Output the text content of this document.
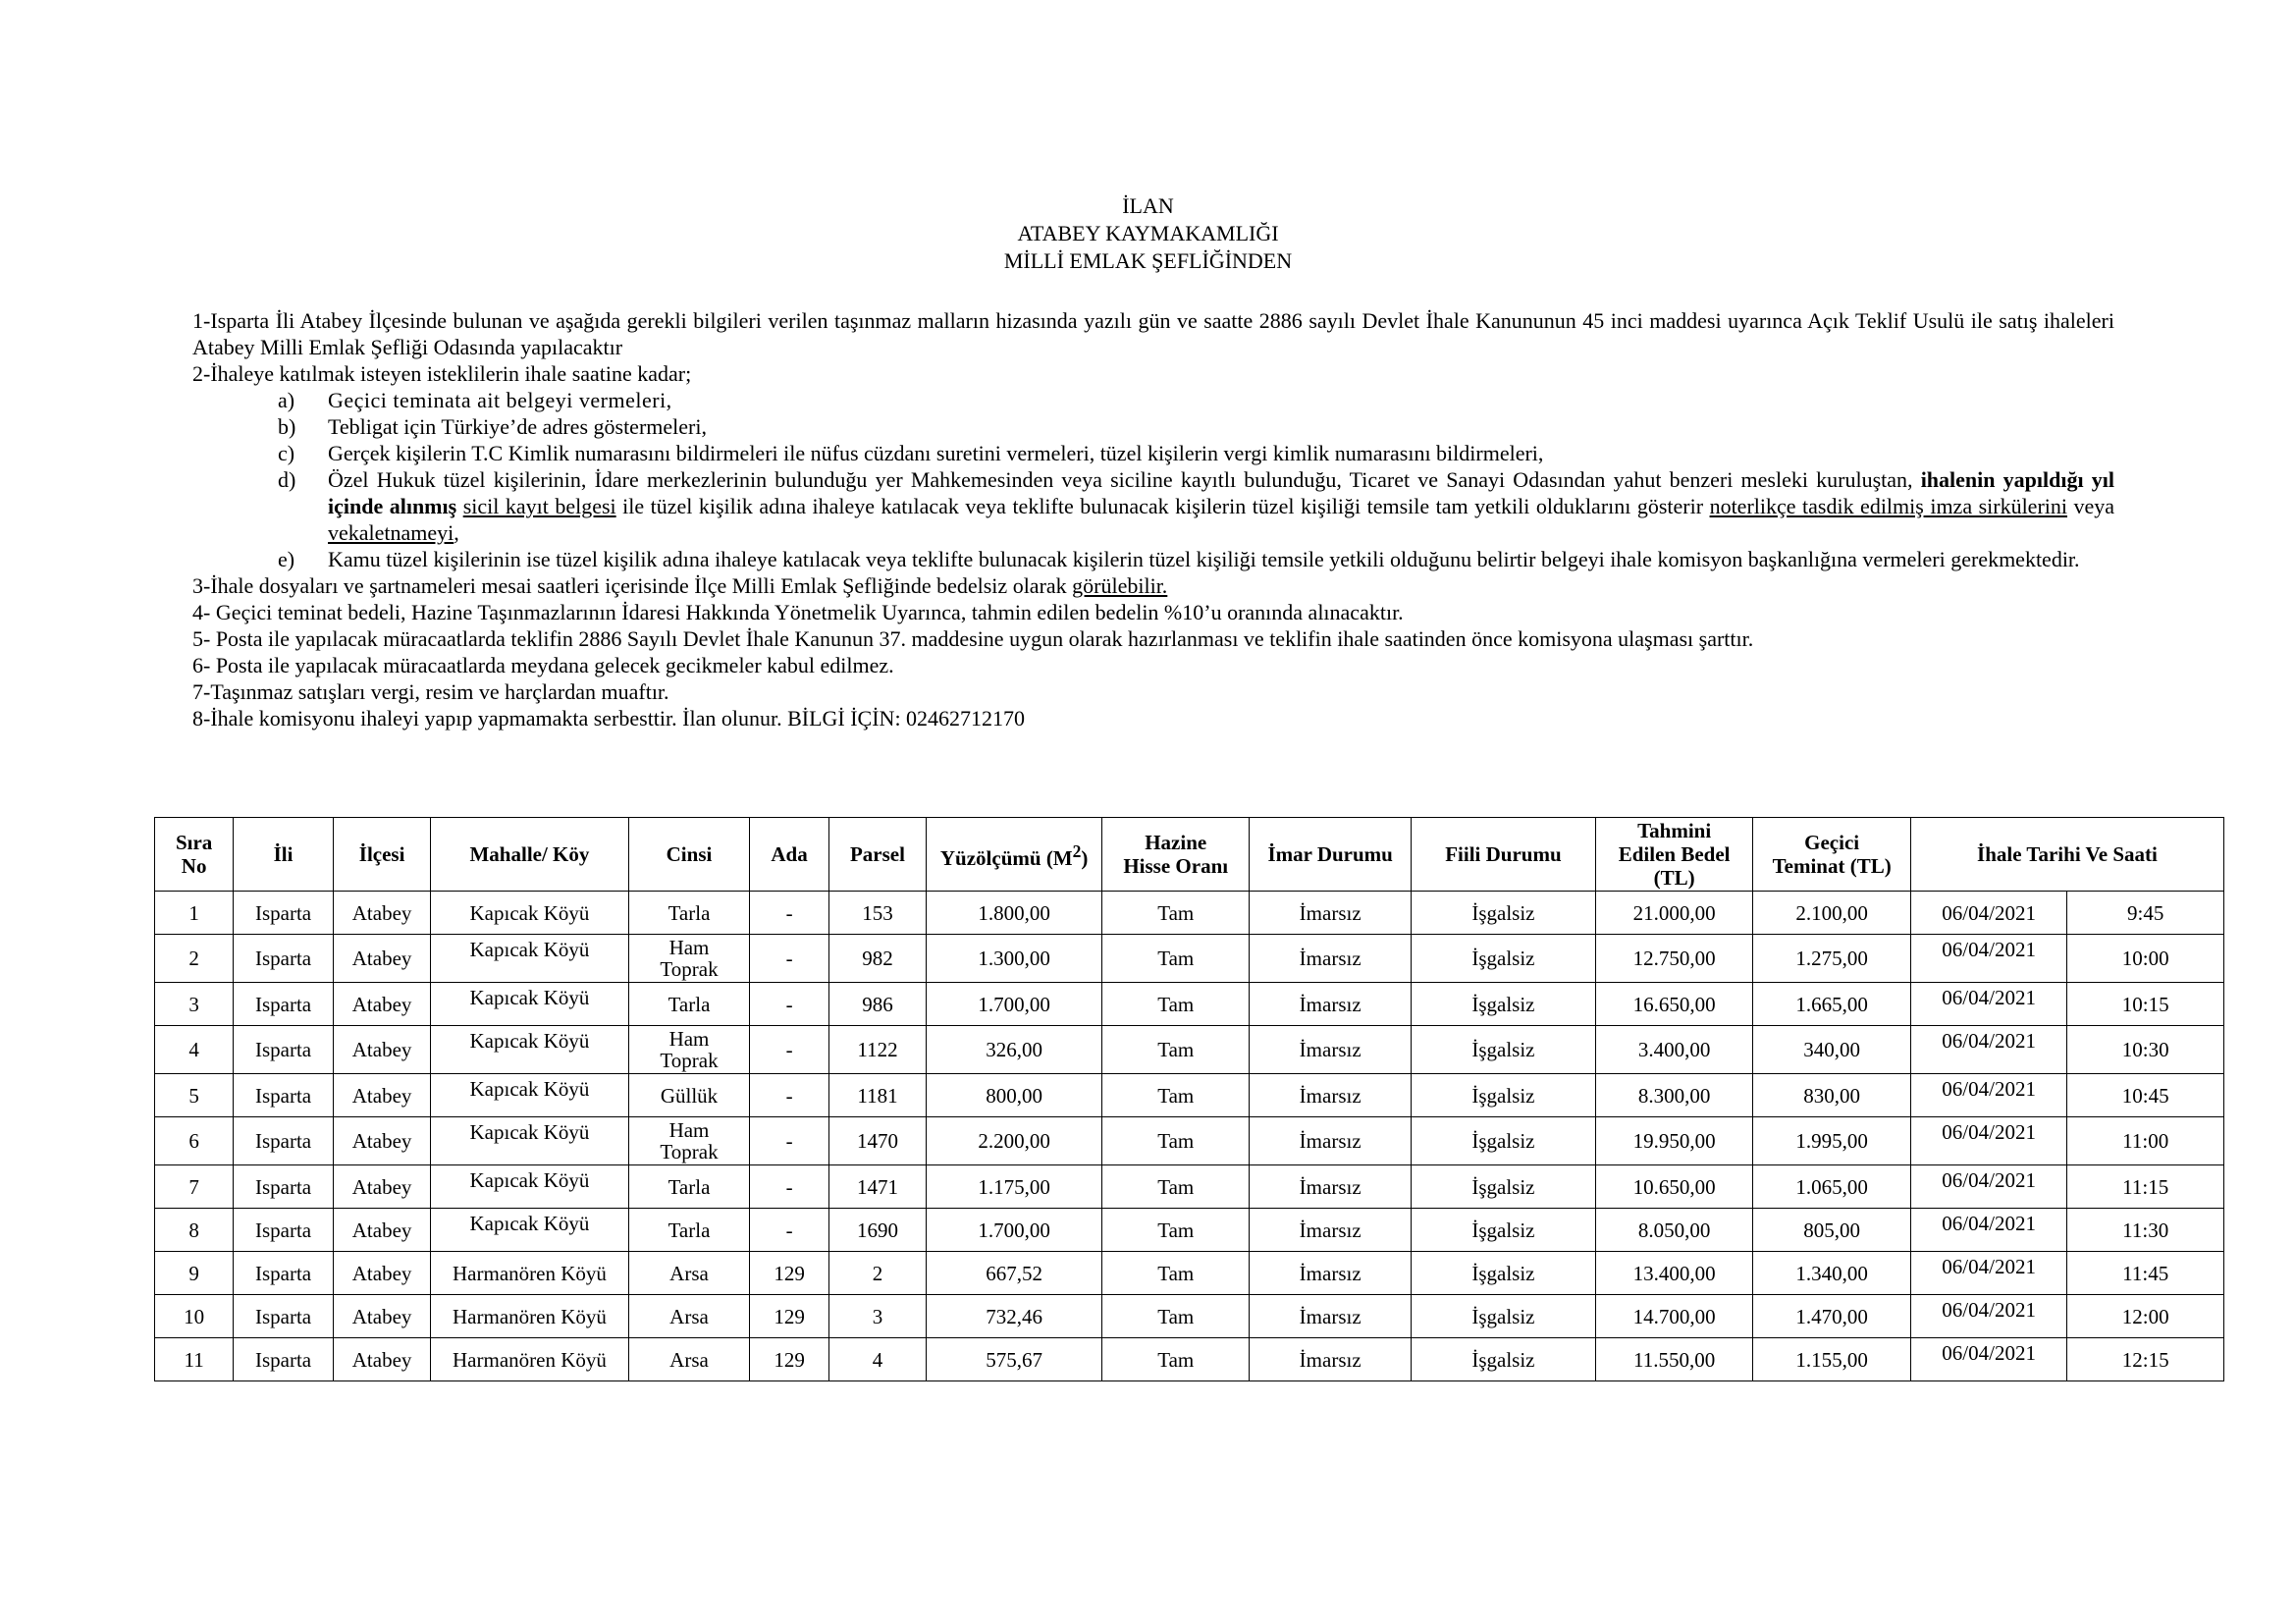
İLAN
ATABEY KAYMAKAMLIĞI
MİLLİ EMLAK ŞEFLİĞİNDEN

1-Isparta İli Atabey İlçesinde bulunan ve aşağıda gerekli bilgileri verilen taşınmaz malların hizasında yazılı gün ve saatte 2886 sayılı Devlet İhale Kanununun 45 inci maddesi uyarınca Açık Teklif Usulü ile satış ihaleleri Atabey Milli Emlak Şefliği Odasında yapılacaktır

2-İhaleye katılmak isteyen isteklilerin ihale saatine kadar;

a) Geçici teminata ait belgeyi vermeleri,
b) Tebligat için Türkiye’de adres göstermeleri,
c) Gerçek kişilerin T.C Kimlik numarasını bildirmeleri ile nüfus cüzdanı suretini vermeleri, tüzel kişilerin vergi kimlik numarasını bildirmeleri,
d) Özel Hukuk tüzel kişilerinin, İdare merkezlerinin bulunduğu yer Mahkemesinden veya siciline kayıtlı bulunduğu, Ticaret ve Sanayi Odasından yahut benzeri mesleki kuruluştan, ihalenin yapıldığı yıl içinde alınmış sicil kayıt belgesi ile tüzel kişilik adına ihaleye katılacak veya teklifte bulunacak kişilerin tüzel kişiliği temsile tam yetkili olduklarını gösterir noterlikçe tasdik edilmiş imza sirkülerini veya vekaletnameyi,
e) Kamu tüzel kişilerinin ise tüzel kişilik adına ihaleye katılacak veya teklifte bulunacak kişilerin tüzel kişiliği temsile yetkili olduğunu belirtir belgeyi ihale komisyon başkanlığına vermeleri gerekmektedir.

3-İhale dosyaları ve şartnameleri mesai saatleri içerisinde İlçe Milli Emlak Şefliğinde bedelsiz olarak görülebilir.

4- Geçici teminat bedeli, Hazine Taşınmazlarının İdaresi Hakkında Yönetmelik Uyarınca, tahmin edilen bedelin %10’u oranında alınacaktır.

5- Posta ile yapılacak müracaatlarda teklifin 2886 Sayılı Devlet İhale Kanunun 37. maddesine uygun olarak hazırlanması ve teklifin ihale saatinden önce komisyona ulaşması şarttır.

6- Posta ile yapılacak müracaatlarda meydana gelecek gecikmeler kabul edilmez.

7-Taşınmaz satışları vergi, resim ve harçlardan muaftır.

8-İhale komisyonu ihaleyi yapıp yapmamakta serbesttir. İlan olunur. BİLGİ İÇİN: 02462712170

Sıra
No	İli	İlçesi	Mahalle/ Köy	Cinsi	Ada	Parsel	Yüzölçümü $(M^2)$	Hazine
Hisse Oranı	İmar Durumu	Fiili Durumu	Tahmini
Edilen Bedel
(TL)	Geçici
Teminat (TL)	İhale Tarihi Ve Saati	
1	Isparta	Atabey	Kapıcak Köyü	Tarla	-	153	1.800,00	Tam	İmarsız	İşgalsiz	21.000,00	2.100,00	06/04/2021	9:45
2	Isparta	Atabey	Kapıcak Köyü	Ham
Toprak	-	982	1.300,00	Tam	İmarsız	İşgalsiz	12.750,00	1.275,00	06/04/2021	10:00
3	Isparta	Atabey	Kapıcak Köyü	Tarla	-	986	1.700,00	Tam	İmarsız	İşgalsiz	16.650,00	1.665,00	06/04/2021	10:15
4	Isparta	Atabey	Kapıcak Köyü	Ham
Toprak	-	1122	326,00	Tam	İmarsız	İşgalsiz	3.400,00	340,00	06/04/2021	10:30
5	Isparta	Atabey	Kapıcak Köyü	Güllük	-	1181	800,00	Tam	İmarsız	İşgalsiz	8.300,00	830,00	06/04/2021	10:45
6	Isparta	Atabey	Kapıcak Köyü	Ham
Toprak	-	1470	2.200,00	Tam	İmarsız	İşgalsiz	19.950,00	1.995,00	06/04/2021	11:00
7	Isparta	Atabey	Kapıcak Köyü	Tarla	-	1471	1.175,00	Tam	İmarsız	İşgalsiz	10.650,00	1.065,00	06/04/2021	11:15
8	Isparta	Atabey	Kapıcak Köyü	Tarla	-	1690	1.700,00	Tam	İmarsız	İşgalsiz	8.050,00	805,00	06/04/2021	11:30
9	Isparta	Atabey	Harmanören Köyü	Arsa	129	2	667,52	Tam	İmarsız	İşgalsiz	13.400,00	1.340,00	06/04/2021	11:45
10	Isparta	Atabey	Harmanören Köyü	Arsa	129	3	732,46	Tam	İmarsız	İşgalsiz	14.700,00	1.470,00	06/04/2021	12:00
11	Isparta	Atabey	Harmanören Köyü	Arsa	129	4	575,67	Tam	İmarsız	İşgalsiz	11.550,00	1.155,00	06/04/2021	12:15
